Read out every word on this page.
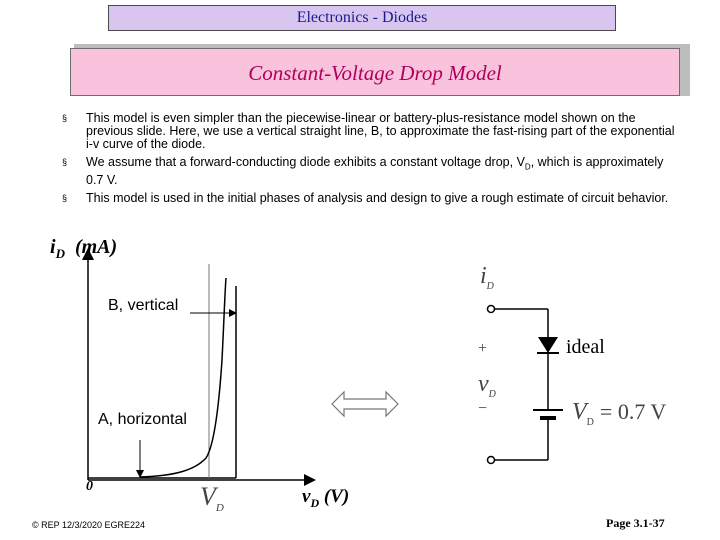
Electronics - Diodes
Constant-Voltage Drop Model
§	This model is even simpler than the piecewise-linear or battery-plus-resistance model shown on the previous slide. Here, we use a vertical straight line, B, to approximate the fast-rising part of the exponential i-v curve of the diode.
§	We assume that a forward-conducting diode exhibits a constant voltage drop, $V_D$, which is approximately 0.7 V.
§	This model is used in the initial phases of analysis and design to give a rough estimate of circuit behavior.
$i_D$ (mA)
$v_D$ (V)
0
B, vertical
A, horizontal
$V_D$
$i_D$
+
$v_D$
−
ideal
$V_D = 0.7$ V
© REP 12/3/2020 EGRE224	Page 3.1-37
